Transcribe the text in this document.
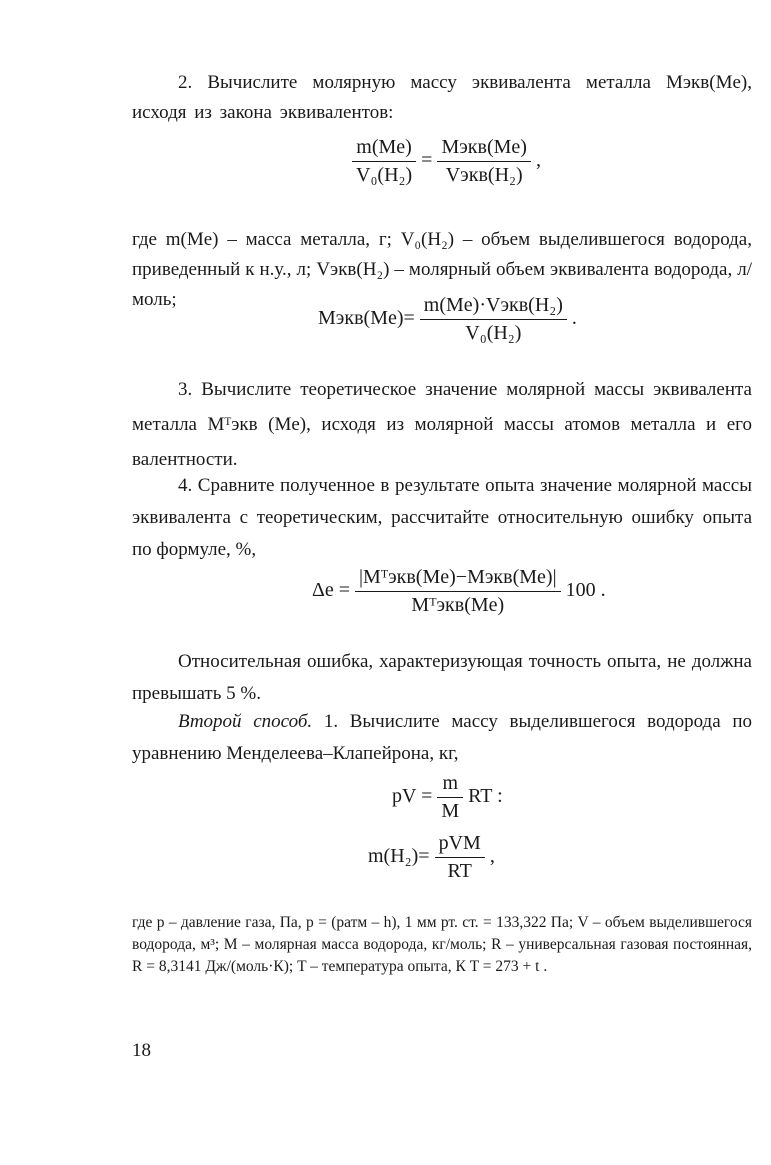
2. Вычислите молярную массу эквивалента металла Mэкв(Me), исходя из закона эквивалентов:

$\frac{m(Me)}{\text{V₀(H₂)}} = \frac{\text{Mэкв(Me)}}{\text{Vэкв(H₂)}}$ ,

где m(Me) – масса металла, г; V₀(H₂) – объем выделившегося водорода, приведенный к н.у., л; Vэкв(H₂) – молярный объем эквивалента водорода, л/моль;

Mэкв(Me)= $\frac{\text{m(Me)·Vэкв(H₂)}}{\text{V₀(H₂)}}$ .

3. Вычислите теоретическое значение молярной массы эквивалента металла Mᵀэкв (Me), исходя из молярной массы атомов металла и его валентности.

4. Сравните полученное в результате опыта значение молярной массы эквивалента с теоретическим, рассчитайте относительную ошибку опыта по формуле, %,

$\Delta e = \frac{\text{|Mᵀэкв(Me)−Mэкв(Me)|}}{\text{Mᵀэкв(Me)}} 100$ .

Относительная ошибка, характеризующая точность опыта, не должна превышать 5 %.

Второй способ. 1. Вычислите массу выделившегося водорода по уравнению Менделеева–Клапейрона, кг,

pV = $\frac{m}{M}$ RT :
$m(H_2)= \frac{\text{pVM}}{RT}$ ,

где p – давление газа, Па, p = (pатм – h), 1 мм рт. ст. = 133,322 Па; V – объем выделившегося водорода, м³; M – молярная масса водорода, кг/моль; R – универсальная газовая постоянная, R = 8,3141 Дж/(моль·К); T – температура опыта, К T = 273 + t .

18
